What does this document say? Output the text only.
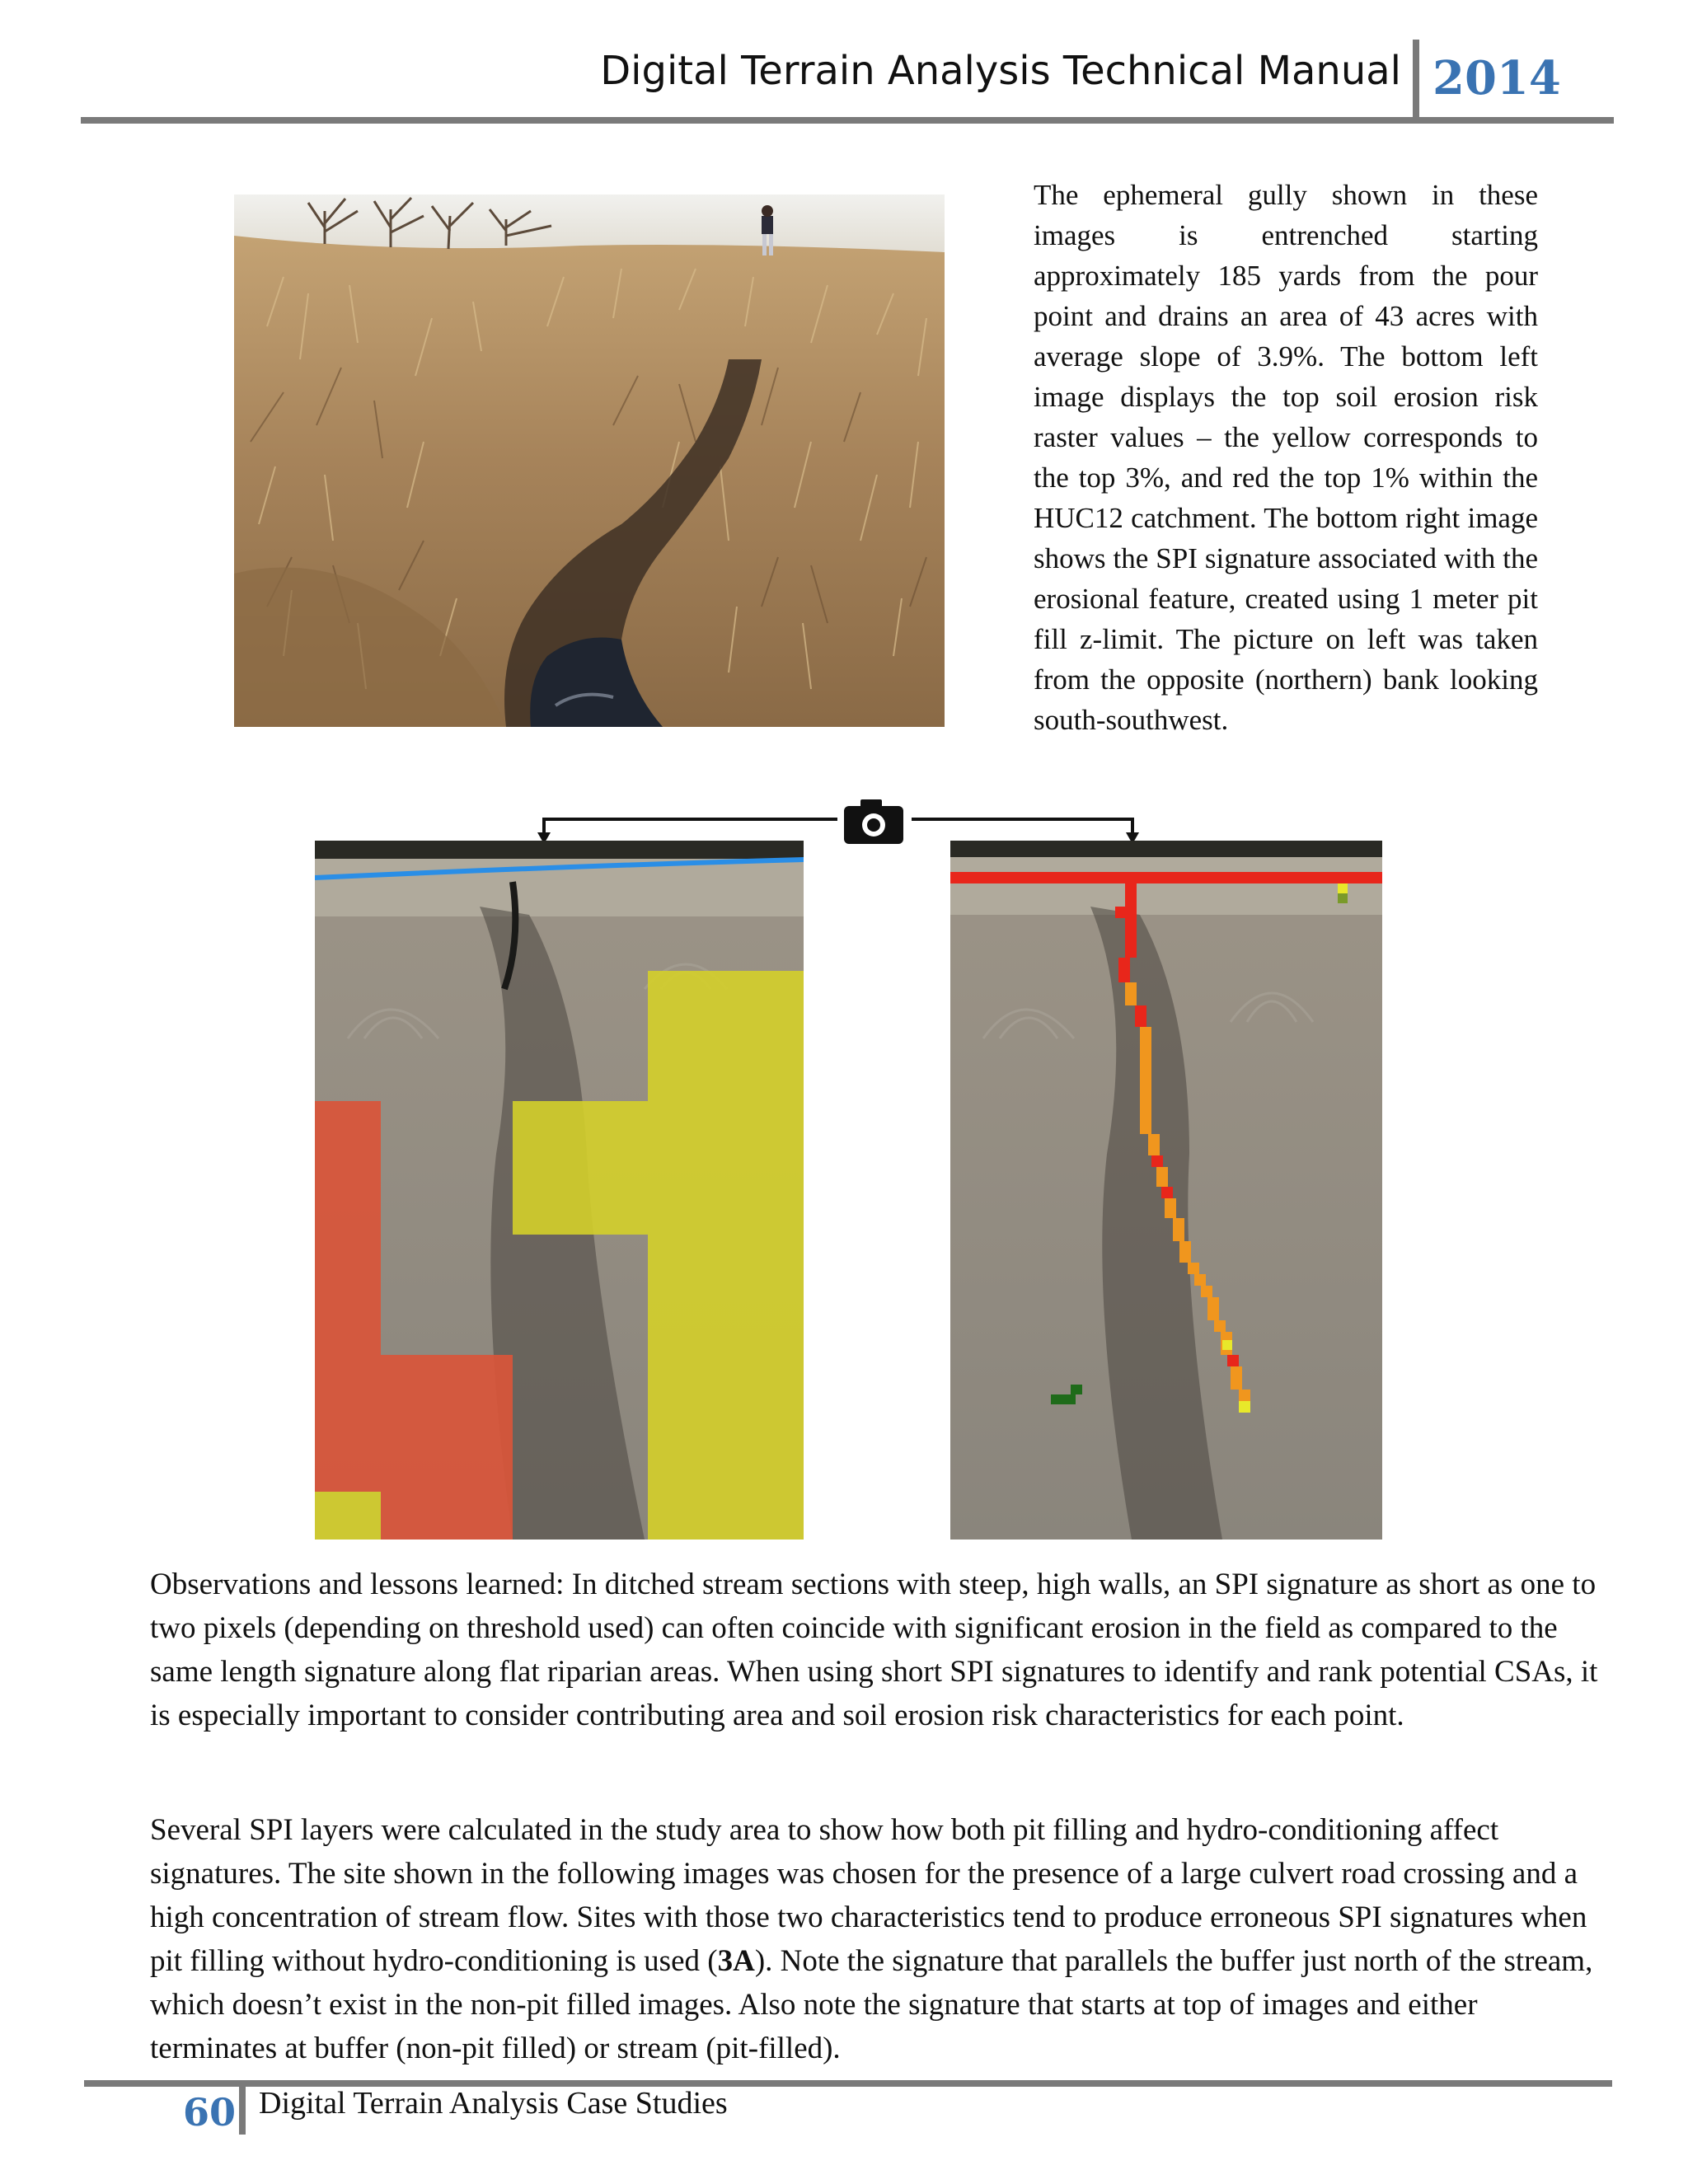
Digital Terrain Analysis Technical Manual 2014
The ephemeral gully shown in these images is entrenched starting approximately 185 yards from the pour point and drains an area of 43 acres with average slope of 3.9%. The bottom left image displays the top soil erosion risk raster values – the yellow corresponds to the top 3%, and red the top 1% within the HUC12 catchment. The bottom right image shows the SPI signature associated with the erosional feature, created using 1 meter pit fill z-limit. The picture on left was taken from the opposite (northern) bank looking south-southwest.
Observations and lessons learned: In ditched stream sections with steep, high walls, an SPI signature as short as one to two pixels (depending on threshold used) can often coincide with significant erosion in the field as compared to the same length signature along flat riparian areas. When using short SPI signatures to identify and rank potential CSAs, it is especially important to consider contributing area and soil erosion risk characteristics for each point.
Several SPI layers were calculated in the study area to show how both pit filling and hydro-conditioning affect signatures. The site shown in the following images was chosen for the presence of a large culvert road crossing and a high concentration of stream flow. Sites with those two characteristics tend to produce erroneous SPI signatures when pit filling without hydro-conditioning is used (3A). Note the signature that parallels the buffer just north of the stream, which doesn’t exist in the non-pit filled images. Also note the signature that starts at top of images and either terminates at buffer (non-pit filled) or stream (pit-filled).
60 Digital Terrain Analysis Case Studies
